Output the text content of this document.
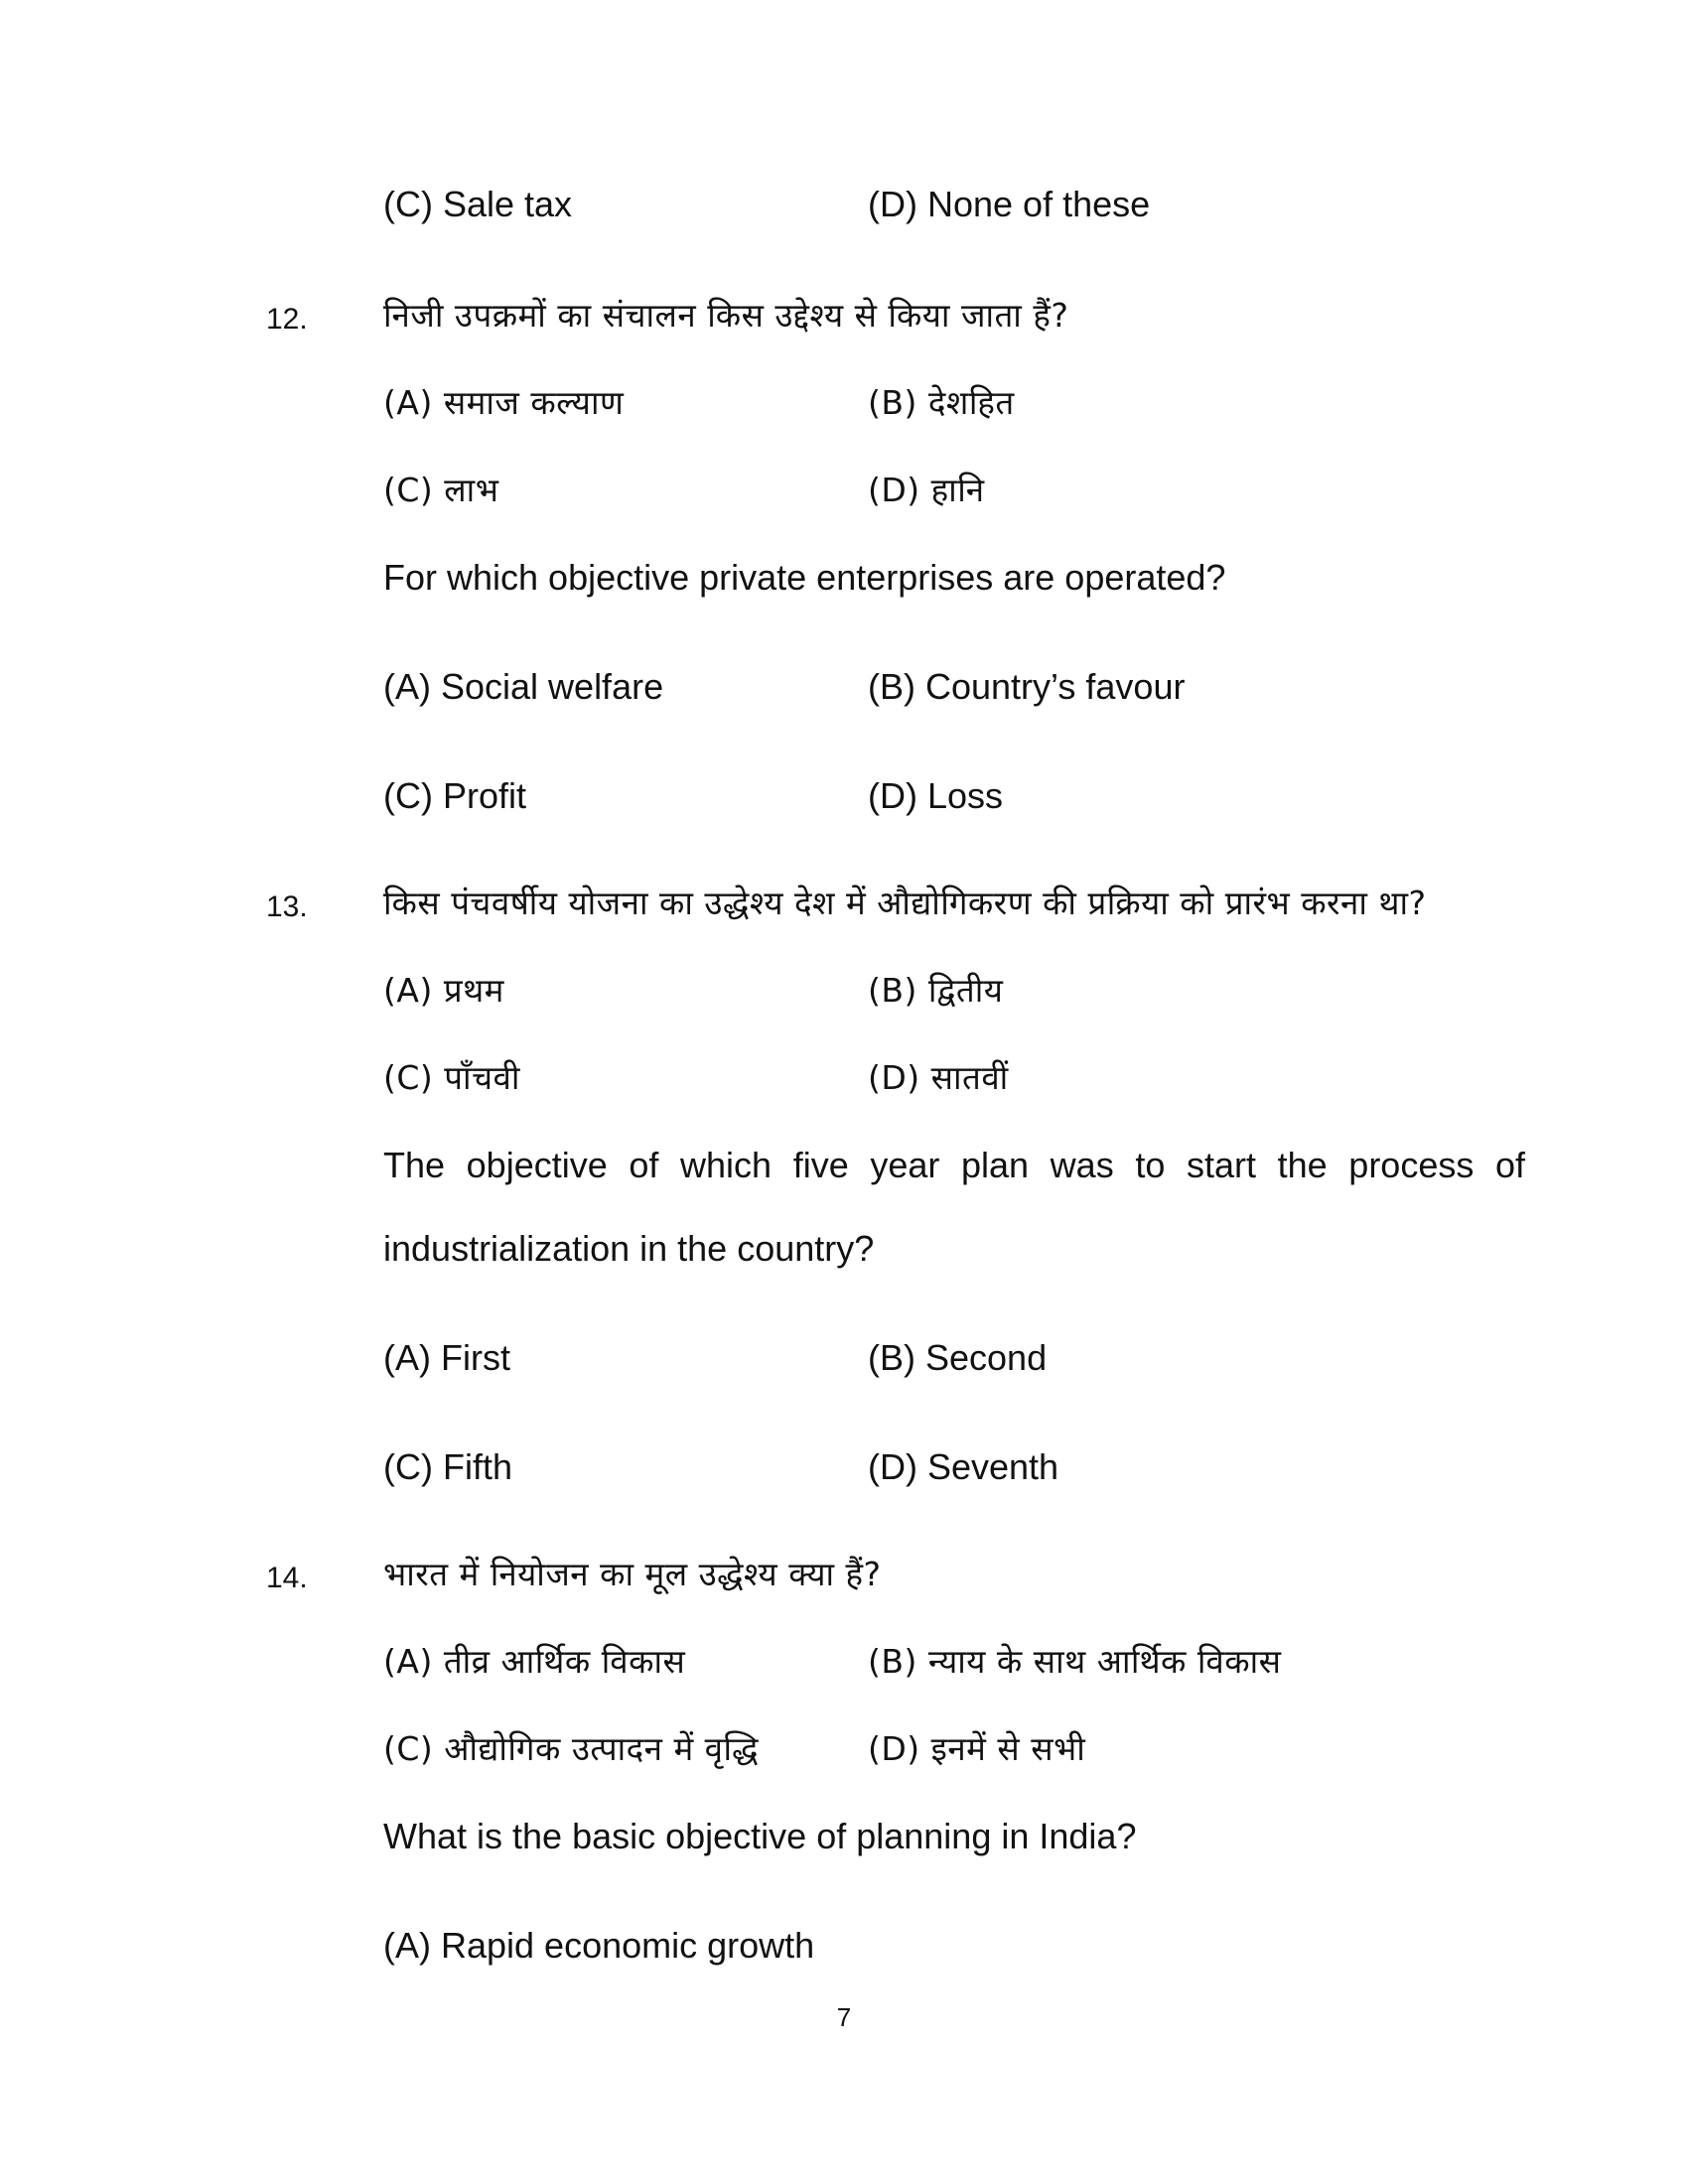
(C) Sale tax	(D) None of these
12. निजी उपक्रमों का संचालन किस उद्देश्य से किया जाता हैं?
(A) समाज कल्याण	(B) देशहित
(C) लाभ	(D) हानि
For which objective private enterprises are operated?
(A) Social welfare	(B) Country’s favour
(C) Profit	(D) Loss
13. किस पंचवर्षीय योजना का उद्धेश्य देश में औद्योगिकरण की प्रक्रिया को प्रारंभ करना था?
(A) प्रथम	(B) द्वितीय
(C) पाँचवी	(D) सातवीं
The objective of which five year plan was to start the process of
industrialization in the country?
(A) First	(B) Second
(C) Fifth	(D) Seventh
14. भारत में नियोजन का मूल उद्धेश्य क्या हैं?
(A) तीव्र आर्थिक विकास	(B) न्याय के साथ आर्थिक विकास
(C) औद्योगिक उत्पादन में वृद्धि	(D) इनमें से सभी
What is the basic objective of planning in India?
(A) Rapid economic growth
7
